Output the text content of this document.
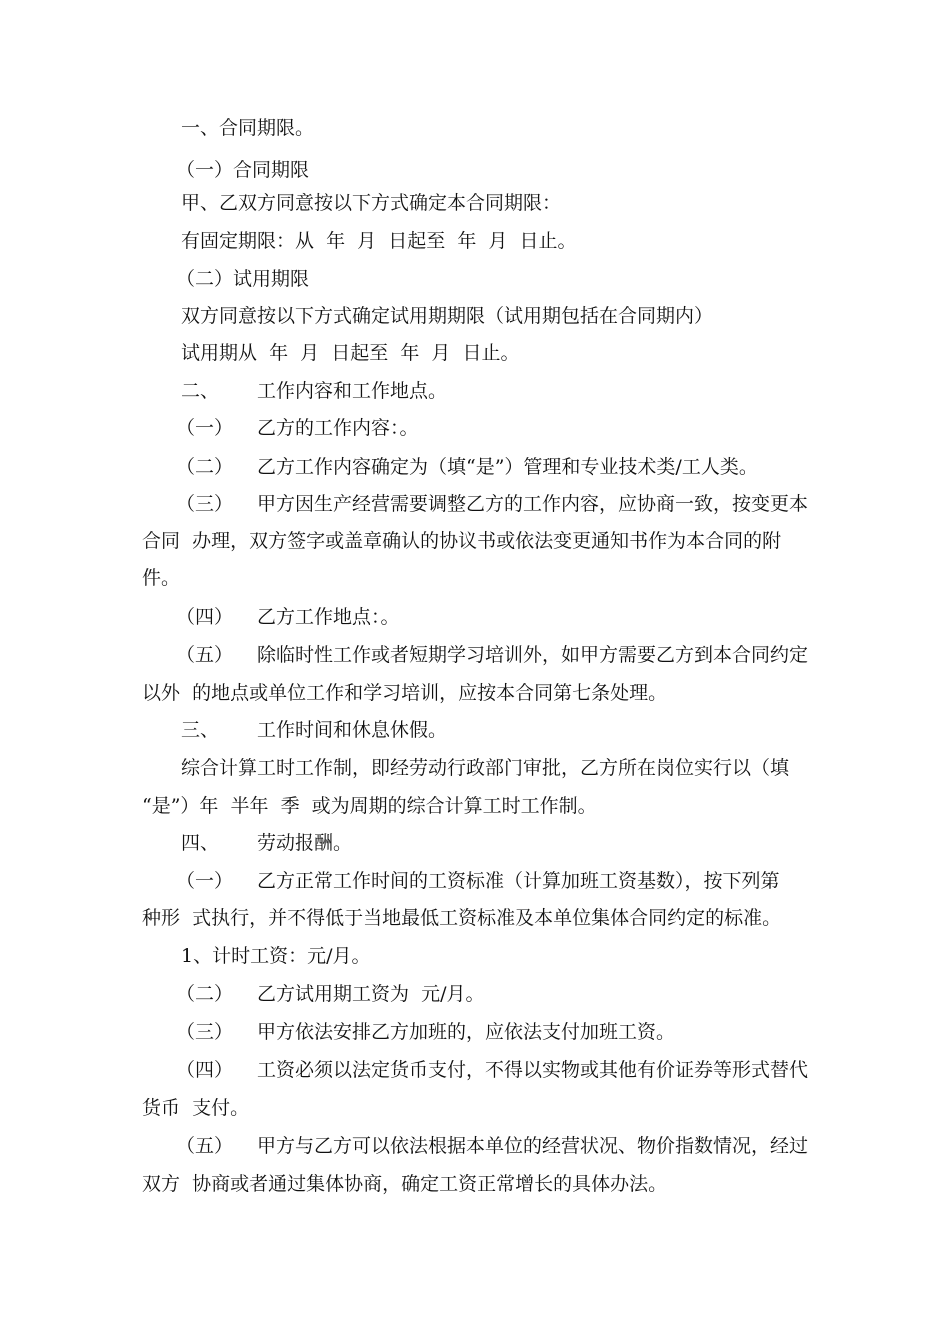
一、合同期限。

（一）合同期限

甲、乙双方同意按以下方式确定本合同期限：

有固定期限：从  年  月  日起至  年  月  日止。

（二）试用期限

双方同意按以下方式确定试用期期限（试用期包括在合同期内）

试用期从  年  月  日起至  年  月  日止。

二、 工作内容和工作地点。

（一） 乙方的工作内容：。

（二） 乙方工作内容确定为（填“是”）管理和专业技术类/工人类。

（三） 甲方因生产经营需要调整乙方的工作内容，应协商一致，按变更本

合同  办理，双方签字或盖章确认的协议书或依法变更通知书作为本合同的附

件。

（四） 乙方工作地点：。

（五） 除临时性工作或者短期学习培训外，如甲方需要乙方到本合同约定

以外  的地点或单位工作和学习培训，应按本合同第七条处理。

三、 工作时间和休息休假。

综合计算工时工作制，即经劳动行政部门审批，乙方所在岗位实行以（填

“是”）年  半年  季  或为周期的综合计算工时工作制。

四、 劳动报酬。

（一） 乙方正常工作时间的工资标准（计算加班工资基数），按下列第

种形  式执行，并不得低于当地最低工资标准及本单位集体合同约定的标准。

1、计时工资：元/月。

（二） 乙方试用期工资为  元/月。

（三） 甲方依法安排乙方加班的，应依法支付加班工资。

（四） 工资必须以法定货币支付，不得以实物或其他有价证券等形式替代

货币  支付。

（五） 甲方与乙方可以依法根据本单位的经营状况、物价指数情况，经过

双方  协商或者通过集体协商，确定工资正常增长的具体办法。
